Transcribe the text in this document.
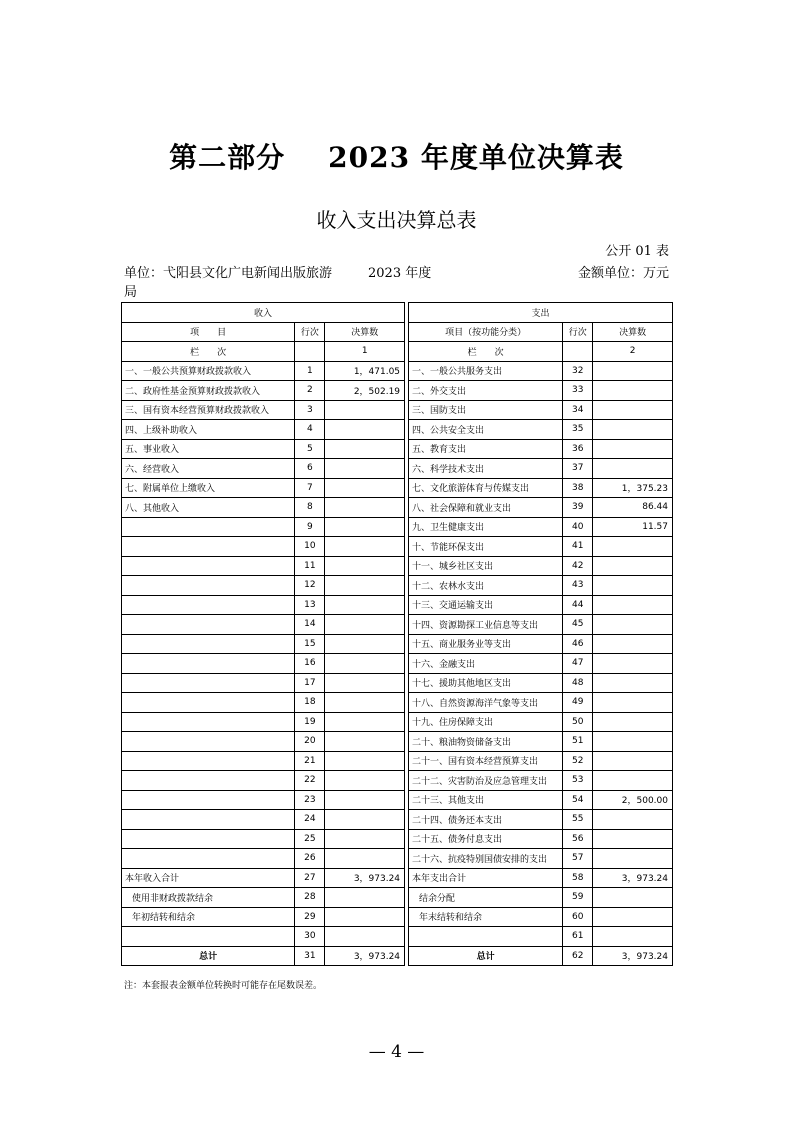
第二部分    2023 年度单位决算表
收入支出决算总表
公开 01 表
单位：弋阳县文化广电新闻出版旅游局
2023 年度	金额单位：万元
收入				支出		
项　　目	行次	决算数		项目（按功能分类）	行次	决算数
栏　　次		1		栏　　次		2
一、一般公共预算财政拨款收入	1	1，471.05		一、一般公共服务支出	32	
二、政府性基金预算财政拨款收入	2	2，502.19		二、外交支出	33	
三、国有资本经营预算财政拨款收入	3			三、国防支出	34	
四、上级补助收入	4			四、公共安全支出	35	
五、事业收入	5			五、教育支出	36	
六、经营收入	6			六、科学技术支出	37	
七、附属单位上缴收入	7			七、文化旅游体育与传媒支出	38	1，375.23
八、其他收入	8			八、社会保障和就业支出	39	86.44
	9			九、卫生健康支出	40	11.57
	10			十、节能环保支出	41	
	11			十一、城乡社区支出	42	
	12			十二、农林水支出	43	
	13			十三、交通运输支出	44	
	14			十四、资源勘探工业信息等支出	45	
	15			十五、商业服务业等支出	46	
	16			十六、金融支出	47	
	17			十七、援助其他地区支出	48	
	18			十八、自然资源海洋气象等支出	49	
	19			十九、住房保障支出	50	
	20			二十、粮油物资储备支出	51	
	21			二十一、国有资本经营预算支出	52	
	22			二十二、灾害防治及应急管理支出	53	
	23			二十三、其他支出	54	2，500.00
	24			二十四、债务还本支出	55	
	25			二十五、债务付息支出	56	
	26			二十六、抗疫特别国债安排的支出	57	
本年收入合计	27	3，973.24		本年支出合计	58	3，973.24
使用非财政拨款结余	28			结余分配	59	
年初结转和结余	29			年末结转和结余	60	
	30				61	
总计	31	3，973.24		总计	62	3，973.24
注：本套报表金额单位转换时可能存在尾数误差。
— 4 —
